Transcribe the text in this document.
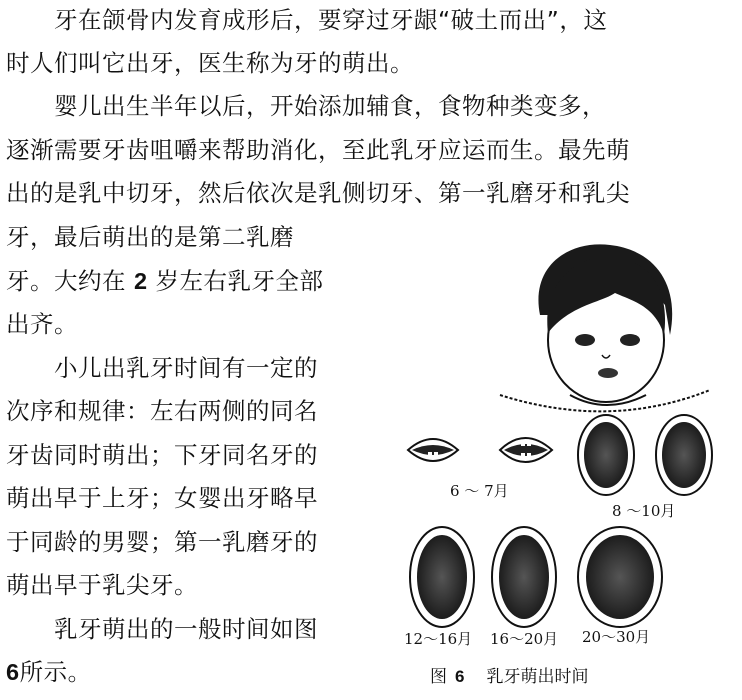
　　牙在颌骨内发育成形后，要穿过牙龈“破土而出”，这
时人们叫它出牙，医生称为牙的萌出。
　　婴儿出生半年以后，开始添加辅食，食物种类变多，
逐渐需要牙齿咀嚼来帮助消化，至此乳牙应运而生。最先萌
出的是乳中切牙，然后依次是乳侧切牙、第一乳磨牙和乳尖
牙，最后萌出的是第二乳磨
牙。大约在 2 岁左右乳牙全部
出齐。
　　小儿出乳牙时间有一定的
次序和规律：左右两侧的同名
牙齿同时萌出；下牙同名牙的
萌出早于上牙；女婴出牙略早
于同龄的男婴；第一乳磨牙的
萌出早于乳尖牙。
　　乳牙萌出的一般时间如图
6所示。
6 ～ 7月
8 ～10月
12～16月 16～20月 20～30月
图 6 乳牙萌出时间
